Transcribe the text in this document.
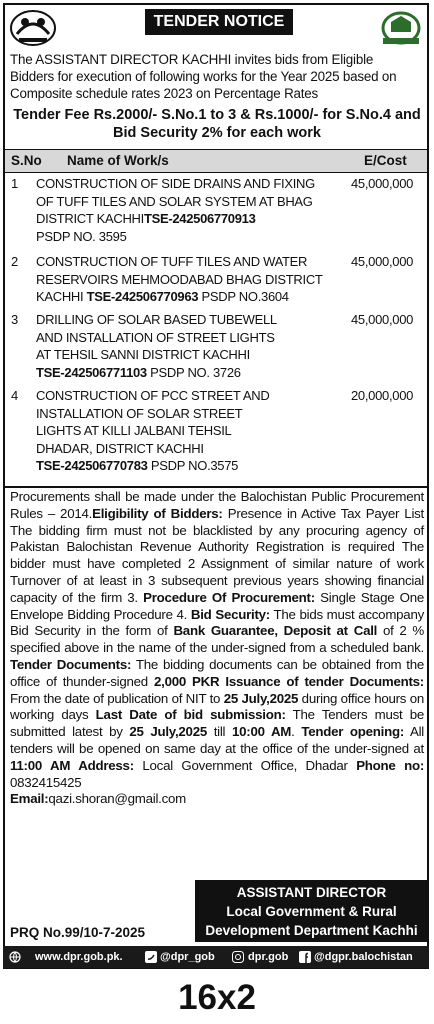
TENDER NOTICE
The ASSISTANT DIRECTOR KACHHI invites bids from Eligible
Bidders for execution of following works for the Year 2025 based on
Composite schedule rates 2023 on Percentage Rates
Tender Fee Rs.2000/- S.No.1 to 3 & Rs.1000/- for S.No.4 and
Bid Security 2% for each work
S.No Name of Work/s	E/Cost
1 CONSTRUCTION OF SIDE DRAINS AND FIXING
OF TUFF TILES AND SOLAR SYSTEM AT BHAG
DISTRICT KACHHITSE-242506770913
PSDP NO. 3595
45,000,000
2 CONSTRUCTION OF TUFF TILES AND WATER
RESERVOIRS MEHMOODABAD BHAG DISTRICT
KACHHI TSE-242506770963 PSDP NO.3604
45,000,000
3 DRILLING OF SOLAR BASED TUBEWELL
AND INSTALLATION OF STREET LIGHTS
AT TEHSIL SANNI DISTRICT KACHHI
TSE-242506771103 PSDP NO. 3726
45,000,000
4 CONSTRUCTION OF PCC STREET AND
INSTALLATION OF SOLAR STREET
LIGHTS AT KILLI JALBANI TEHSIL
DHADAR, DISTRICT KACHHI
TSE-242506770783 PSDP NO.3575
20,000,000
Procurements shall be made under the Balochistan Public Procurement Rules – 2014.Eligibility of Bidders: Presence in Active Tax Payer List The bidding firm must not be blacklisted by any procuring agency of Pakistan Balochistan Revenue Authority Registration is required The bidder must have completed 2 Assignment of similar nature of work Turnover of at least in 3 subsequent previous years showing financial capacity of the firm 3. Procedure Of Procurement: Single Stage One Envelope Bidding Procedure 4. Bid Security: The bids must accompany Bid Security in the form of Bank Guarantee, Deposit at Call of 2 % specified above in the name of the under-signed from a scheduled bank. Tender Documents: The bidding documents can be obtained from the office of thunder-signed 2,000 PKR Issuance of tender Documents: From the date of publication of NIT to 25 July,2025 during office hours on working days Last Date of bid submission: The Tenders must be submitted latest by 25 July,2025 till 10:00 AM. Tender opening: All tenders will be opened on same day at the office of the under-signed at 11:00 AM Address: Local Government Office, Dhadar Phone no: 0832415425
Email:qazi.shoran@gmail.com
ASSISTANT DIRECTOR
Local Government & Rural
Development Department Kachhi
PRQ No.99/10-7-2025
www.dpr.gob.pk.	@dpr_gob	dpr.gob @dgpr.balochistan
16x2
